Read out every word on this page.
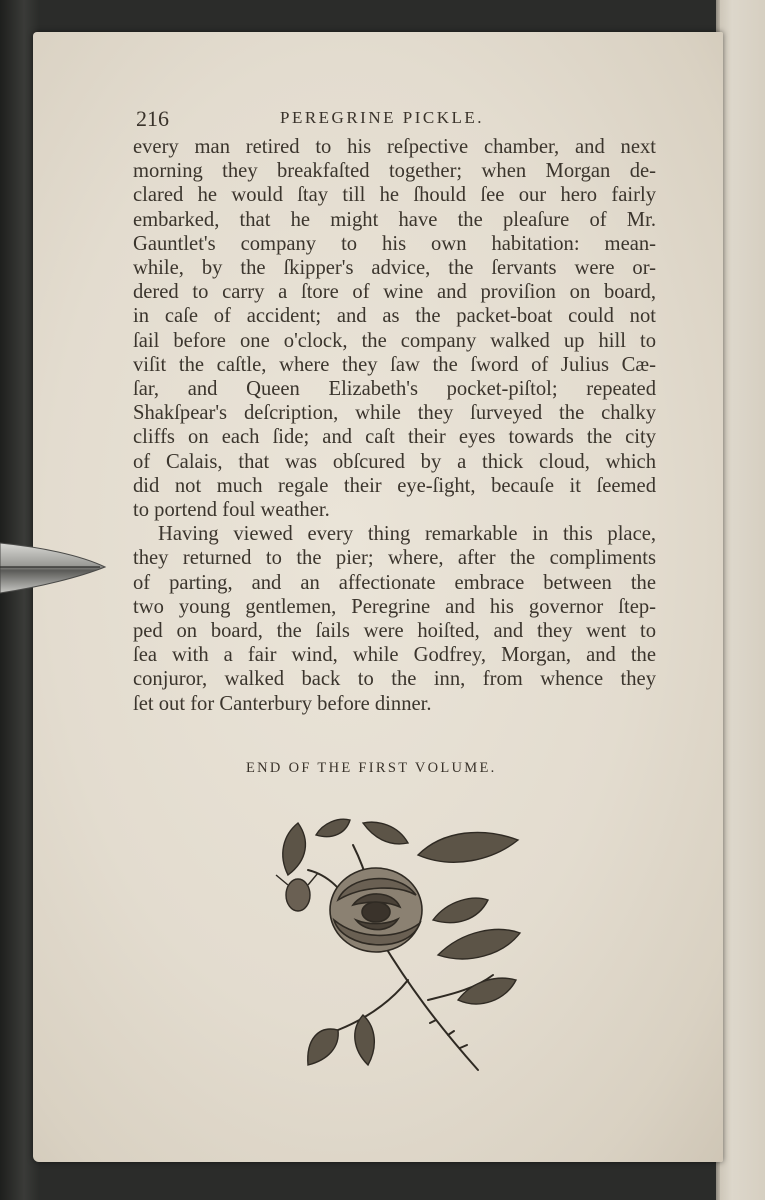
216	PEREGRINE PICKLE.
every man retired to his reſpective chamber, and next
morning they breakfaſted together; when Morgan de-
clared he would ſtay till he ſhould ſee our hero fairly
embarked, that he might have the pleaſure of Mr.
Gauntlet's company to his own habitation: mean-
while, by the ſkipper's advice, the ſervants were or-
dered to carry a ſtore of wine and proviſion on board,
in caſe of accident; and as the packet-boat could not
ſail before one o'clock, the company walked up hill to
viſit the caſtle, where they ſaw the ſword of Julius Cæ-
ſar, and Queen Elizabeth's pocket-piſtol; repeated
Shakſpear's deſcription, while they ſurveyed the chalky
cliffs on each ſide; and caſt their eyes towards the city
of Calais, that was obſcured by a thick cloud, which
did not much regale their eye-ſight, becauſe it ſeemed
to portend foul weather.
Having viewed every thing remarkable in this place,
they returned to the pier; where, after the compliments
of parting, and an affectionate embrace between the
two young gentlemen, Peregrine and his governor ſtep-
ped on board, the ſails were hoiſted, and they went to
ſea with a fair wind, while Godfrey, Morgan, and the
conjuror, walked back to the inn, from whence they
ſet out for Canterbury before dinner.
END OF THE FIRST VOLUME.
